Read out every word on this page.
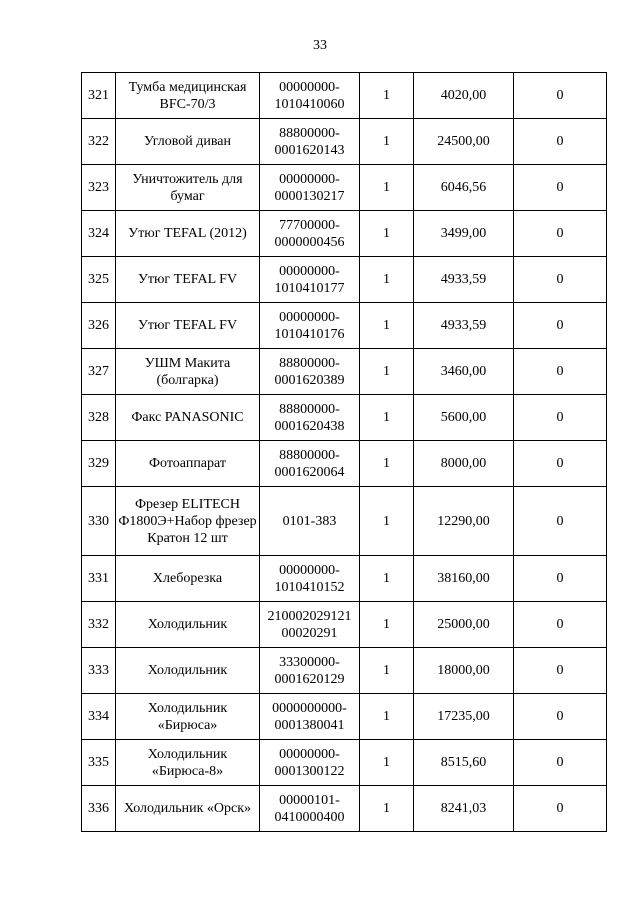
33
321	Тумба медицинская BFC-70/3	00000000-1010410060	1	4020,00	0
322	Угловой диван	88800000-0001620143	1	24500,00	0
323	Уничтожитель для бумаг	00000000-0000130217	1	6046,56	0
324	Утюг TEFAL (2012)	77700000-0000000456	1	3499,00	0
325	Утюг TEFAL FV	00000000-1010410177	1	4933,59	0
326	Утюг TEFAL FV	00000000-1010410176	1	4933,59	0
327	УШМ Макита (болгарка)	88800000-0001620389	1	3460,00	0
328	Факс PANASONIC	88800000-0001620438	1	5600,00	0
329	Фотоаппарат	88800000-0001620064	1	8000,00	0
330	Фрезер ELITECH Ф1800Э+Набор фрезер Кратон 12 шт	0101-383	1	12290,00	0
331	Хлеборезка	00000000-1010410152	1	38160,00	0
332	Холодильник	210002029121 00020291	1	25000,00	0
333	Холодильник	33300000-0001620129	1	18000,00	0
334	Холодильник «Бирюса»	0000000000-0001380041	1	17235,00	0
335	Холодильник «Бирюса-8»	00000000-0001300122	1	8515,60	0
336	Холодильник «Орск»	00000101-0410000400	1	8241,03	0
